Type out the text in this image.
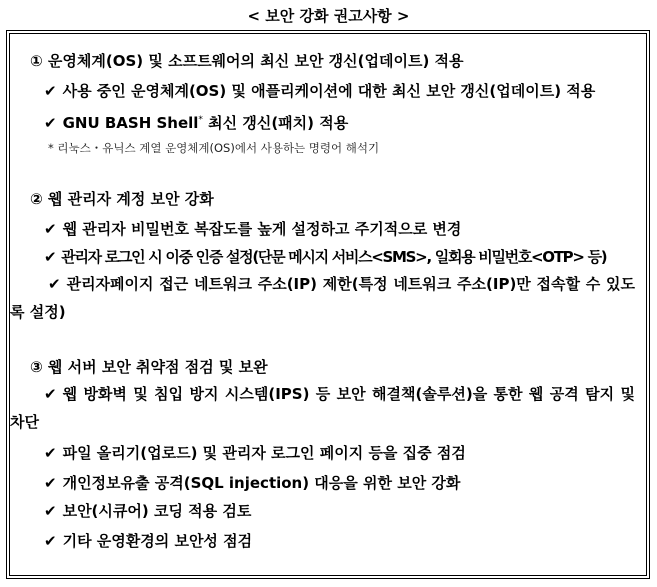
< 보안 강화 권고사항 >
① 운영체계(OS) 및 소프트웨어의 최신 보안 갱신(업데이트) 적용
✔ 사용 중인 운영체계(OS) 및 애플리케이션에 대한 최신 보안 갱신(업데이트) 적용
✔ GNU BASH Shell* 최신 갱신(패치) 적용
* 리눅스・유닉스 계열 운영체계(OS)에서 사용하는 명령어 해석기
② 웹 관리자 계정 보안 강화
✔ 웹 관리자 비밀번호 복잡도를 높게 설정하고 주기적으로 변경
✔ 관리자 로그인 시 이중 인증 설정(단문 메시지 서비스<SMS>, 일회용 비밀번호<OTP> 등)
✔ 관리자페이지 접근 네트워크 주소(IP) 제한(특정 네트워크 주소(IP)만 접속할 수 있도록 설정)
③ 웹 서버 보안 취약점 점검 및 보완
✔ 웹 방화벽 및 침입 방지 시스템(IPS) 등 보안 해결책(솔루션)을 통한 웹 공격 탐지 및 차단
✔ 파일 올리기(업로드) 및 관리자 로그인 페이지 등을 집중 점검
✔ 개인정보유출 공격(SQL injection) 대응을 위한 보안 강화
✔ 보안(시큐어) 코딩 적용 검토
✔ 기타 운영환경의 보안성 점검
